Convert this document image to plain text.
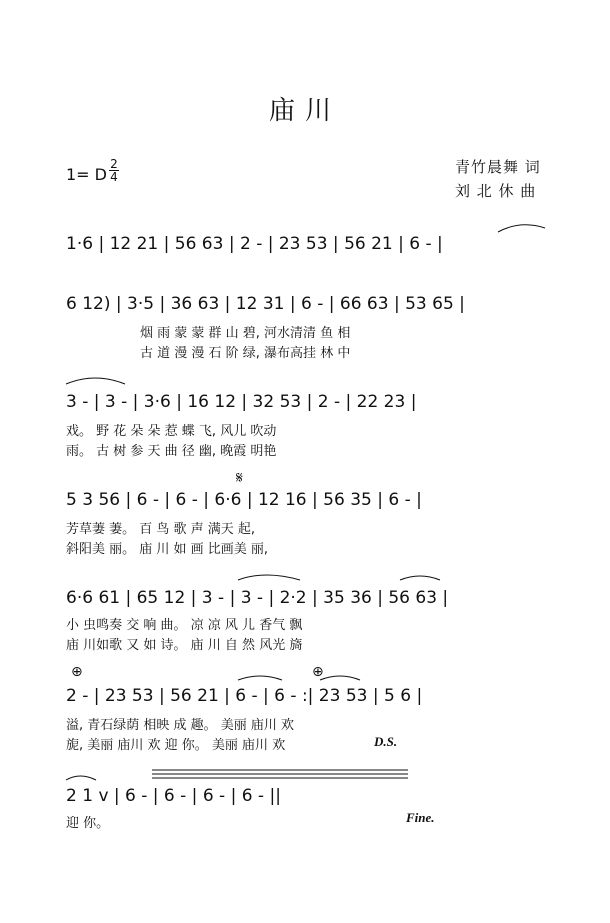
庙川
1= D
2
4
青竹晨舞 词
刘 北 休 曲
1·6 | 12 21 | 56 63 | 2 - | 23 53 | 56 21 | 6 - |
6 12) | 3·5 | 36 63 | 12 31 | 6 - | 66 63 | 53 65 |
烟 雨 蒙 蒙 群 山 碧, 河水清清 鱼 相
古 道 漫 漫 石 阶 绿, 瀑布高挂 林 中
3 - | 3 - | 3·6 | 16 12 | 32 53 | 2 - | 22 23 |
戏。 野 花 朵 朵 惹 蝶 飞, 风儿 吹动
雨。 古 树 参 天 曲 径 幽, 晚霞 明艳
𝄋
5 3 56 | 6 - | 6 - | 6·6 | 12 16 | 56 35 | 6 - |
芳草萋 萋。 百 鸟 歌 声 满天 起,
斜阳美 丽。 庙 川 如 画 比画美 丽,
6·6 61 | 65 12 | 3 - | 3 - | 2·2 | 35 36 | 56 63 |
小 虫鸣奏 交 响 曲。 凉 凉 风 儿 香气 飘
庙 川如歌 又 如 诗。 庙 川 自 然 风光 旖
⊕	⊕
2 - | 23 53 | 56 21 | 6 - | 6 - :| 23 53 | 5 6 |
溢, 青石绿荫 相映 成 趣。 美丽 庙川 欢
旎, 美丽 庙川 欢 迎 你。 美丽 庙川 欢	D.S.
2 1 v | 6 - | 6 - | 6 - | 6 - ||
迎 你。	Fine.
